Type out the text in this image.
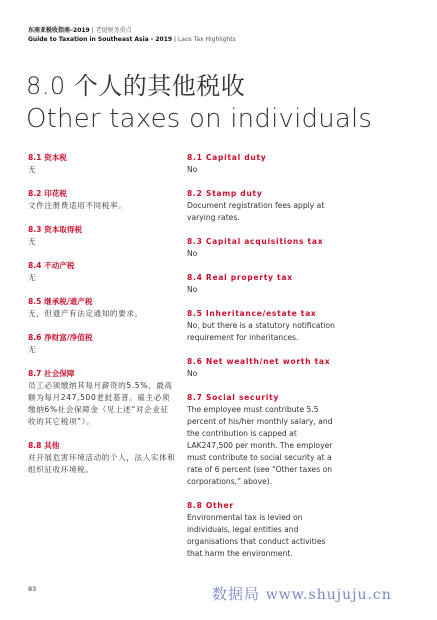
东南亚税收指南–2019 | 老挝税务重点
Guide to Taxation in Southeast Asia - 2019 | Laos Tax Highlights
8.0 个人的其他税收
Other taxes on individuals
8.1 资本税
无
8.2 印花税
文件注册费适用不同税率。
8.3 资本取得税
无
8.4 不动产税
无
8.5 继承税/遗产税
无，但遗产有法定通知的要求。
8.6 净财富/净值税
无
8.7 社会保障
员工必须缴纳其每月薪资的5.5%，最高额为每月247,500老挝基普。雇主必须缴纳6%社会保障金（见上述“对企业征收的其它税项”）。
8.8 其他
对开展危害环境活动的个人，法人实体和组织征收环境税。
8.1 Capital duty
No
8.2 Stamp duty
Document registration fees apply at varying rates.
8.3 Capital acquisitions tax
No
8.4 Real property tax
No
8.5 Inheritance/estate tax
No, but there is a statutory notification requirement for inheritances.
8.6 Net wealth/net worth tax
No
8.7 Social security
The employee must contribute 5.5 percent of his/her monthly salary, and the contribution is capped at LAK247,500 per month. The employer must contribute to social security at a rate of 6 percent (see “Other taxes on corporations,” above).
8.8 Other
Environmental tax is levied on individuals, legal entities and organisations that conduct activities that harm the environment.
83	数据局 www.shujuju.cn
